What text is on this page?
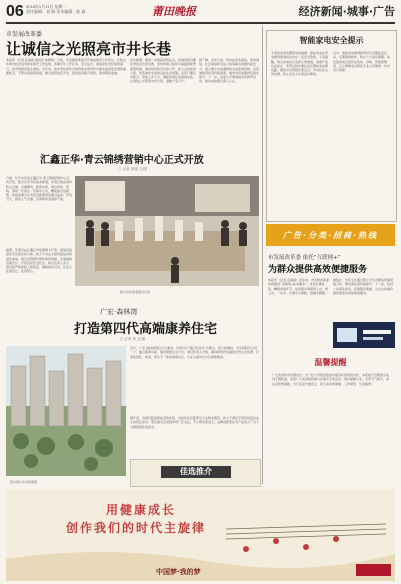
06 2016年1月11日 星期一
责任编辑：刘 瑞 美术编辑：陈 淼	莆田晚报	经济新闻·城事·广告
市发展改革委
让诚信之光照亮市井长巷
本报讯（记者 张丽娟 通讯员 林惠敏）日前，市发展改革委召开诚信建设工作会议，总结去年我市社会信用体系建设工作成效，部署今年工作任务。会议指出，诚信是社会和谐的基石，是市场经济的生命线。近年来，我市坚持把社会信用体系建设作为推动高质量发展的重要抓手，不断完善信用制度，健全信用信息平台，推进信用联合奖惩，取得明显成效。
会议强调，要进一步提高思想认识，把诚信建设摆在更加突出的位置，加快构建以信用为基础的新型监管机制，推动信用信息共享公开，加大失信惩戒力度，营造诚实守信的良好社会氛围。各部门要密切配合，形成工作合力，确保各项任务落到实处，让诚信之光照亮市井长巷，温暖千家万户。
据了解，去年以来，我市在政务诚信、商务诚信、社会诚信和司法公信等重点领域持续发力，建立健全守信激励和失信惩戒机制，各领域信用状况持续改善，城市信用监测排名稳步提升。下一步，将深入开展诚信宣传教育活动，推动诚信理念深入人心。
汇鑫正华·青云锦绣营销中心正式开放
□ 记者 刘瑞 文/图
日前，位于市区的汇鑫正华·青云锦绣营销中心正式开放，吸引众多市民前来参观。该项目地处城市核心区域，交通便利，配套完善，周边学校、医院、商场一应俱全。营销中心内，精美的沙盘模型、样板间展示让市民近距离感受项目品质。开放当天，现场人气火爆，咨询购房者络绎不绝。
据悉，该项目由汇鑫正华集团倾力打造，规划有高层住宅及商业综合体，致力于为业主提供高品质的居住体验。项目采用现代简约建筑风格，注重园林景观设计，打造宜居生活社区。相关负责人表示，项目将严格把控工程质量，确保按时交付，让业主住得安心、住得舒心。
图为市民参观项目沙盘
广宏·森林湾
打造第四代高端康养住宅
□ 记者 黄 文/图
图为项目实景效果图
近日，广宏·森林湾项目正式面市。该项目以“第四代住宅”为理念，将立体园林、空中庭院引入每一户，融合康养功能，倡导健康生活方式。项目负责人介绍，森林湾依托优越的自然生态资源，打造集居住、休闲、养生于一体的高端社区，为业主提供全方位健康服务。
据介绍，该项目配备智能安防系统、全龄化社区配套及专业物业服务，致力于满足不同年龄层次业主的居住需求。项目推出后受到市场广泛关注，不少购房者表示，这种创新型住宅产品契合了当下对健康居住的追求。
佳选推介
智能家电安全提示
冬季是家用电器使用高峰期，智能家电在带来便利的同时也存在一定安全隐患。专家提醒，购买家电时应选择正规渠道，查看产品认证标志；使用过程中要注意定期检查电源线路，避免长时间超负荷运行；外出时应关闭电源，防止发生火灾等意外事故。
另外，智能家电联网使用时应设置复杂密码，定期更新软件，防止个人信息泄露。如发现家电出现异常发热、异味、冒烟等情况，应立即断电并联系专业人员维修，切勿自行拆卸。
广告·分类·招商·热线
市发展改革委 依托“互联网+”
为群众提供高效便捷服务
本报讯（记者 张丽娟）近年来，市发展改革委积极推进“互联网+政务服务”，优化办事流程，精简审批环节，实现更多事项网上办、掌上办、一次办，让群众少跑腿、数据多跑路。
据统计，去年全年通过网上平台办理各类事项数万件，群众满意度持续提升。下一步，将进一步深化改革，拓展服务渠道，为企业和群众提供更加优质高效的服务。
温馨提醒
广大读者和市民朋友们：为了给大家提供更加丰富多彩的阅读内容，本报将于近期推出系列专题报道，欢迎广大读者积极参与并提出宝贵意见。同时提醒大家，冬季天气寒冷，请注意防寒保暖，出行注意交通安全，祝大家身体健康、工作顺利、生活愉快！
用健康成长
创作我们的时代主旋律
中国梦·我的梦
